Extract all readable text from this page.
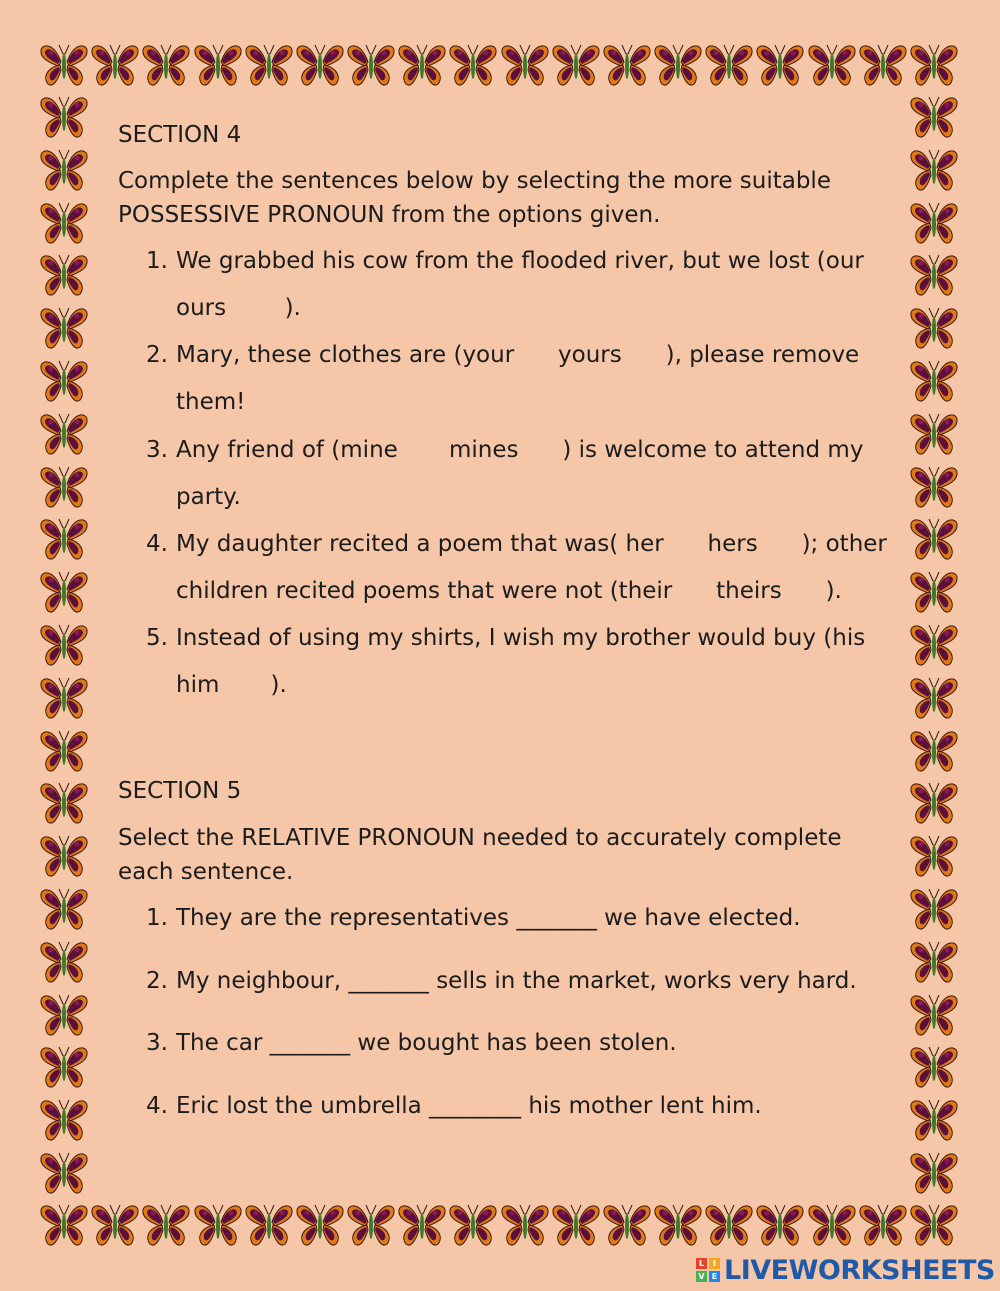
SECTION 4
Complete the sentences below by selecting the more suitable POSSESSIVE PRONOUN from the options given.
1. We grabbed his cow from the flooded river, but we lost (our
ours        ).
2. Mary, these clothes are (your      yours      ), please remove
them!
3. Any friend of (mine       mines      ) is welcome to attend my
party.
4. My daughter recited a poem that was( her      hers      ); other
children recited poems that were not (their      theirs      ).
5. Instead of using my shirts, I wish my brother would buy (his
him       ).
SECTION 5
Select the RELATIVE PRONOUN needed to accurately complete each sentence.
1. They are the representatives _______ we have elected.
2. My neighbour, _______ sells in the market, works very hard.
3. The car _______ we bought has been stolen.
4. Eric lost the umbrella ________ his mother lent him.
L	I
V E LIVEWORKSHEETS
